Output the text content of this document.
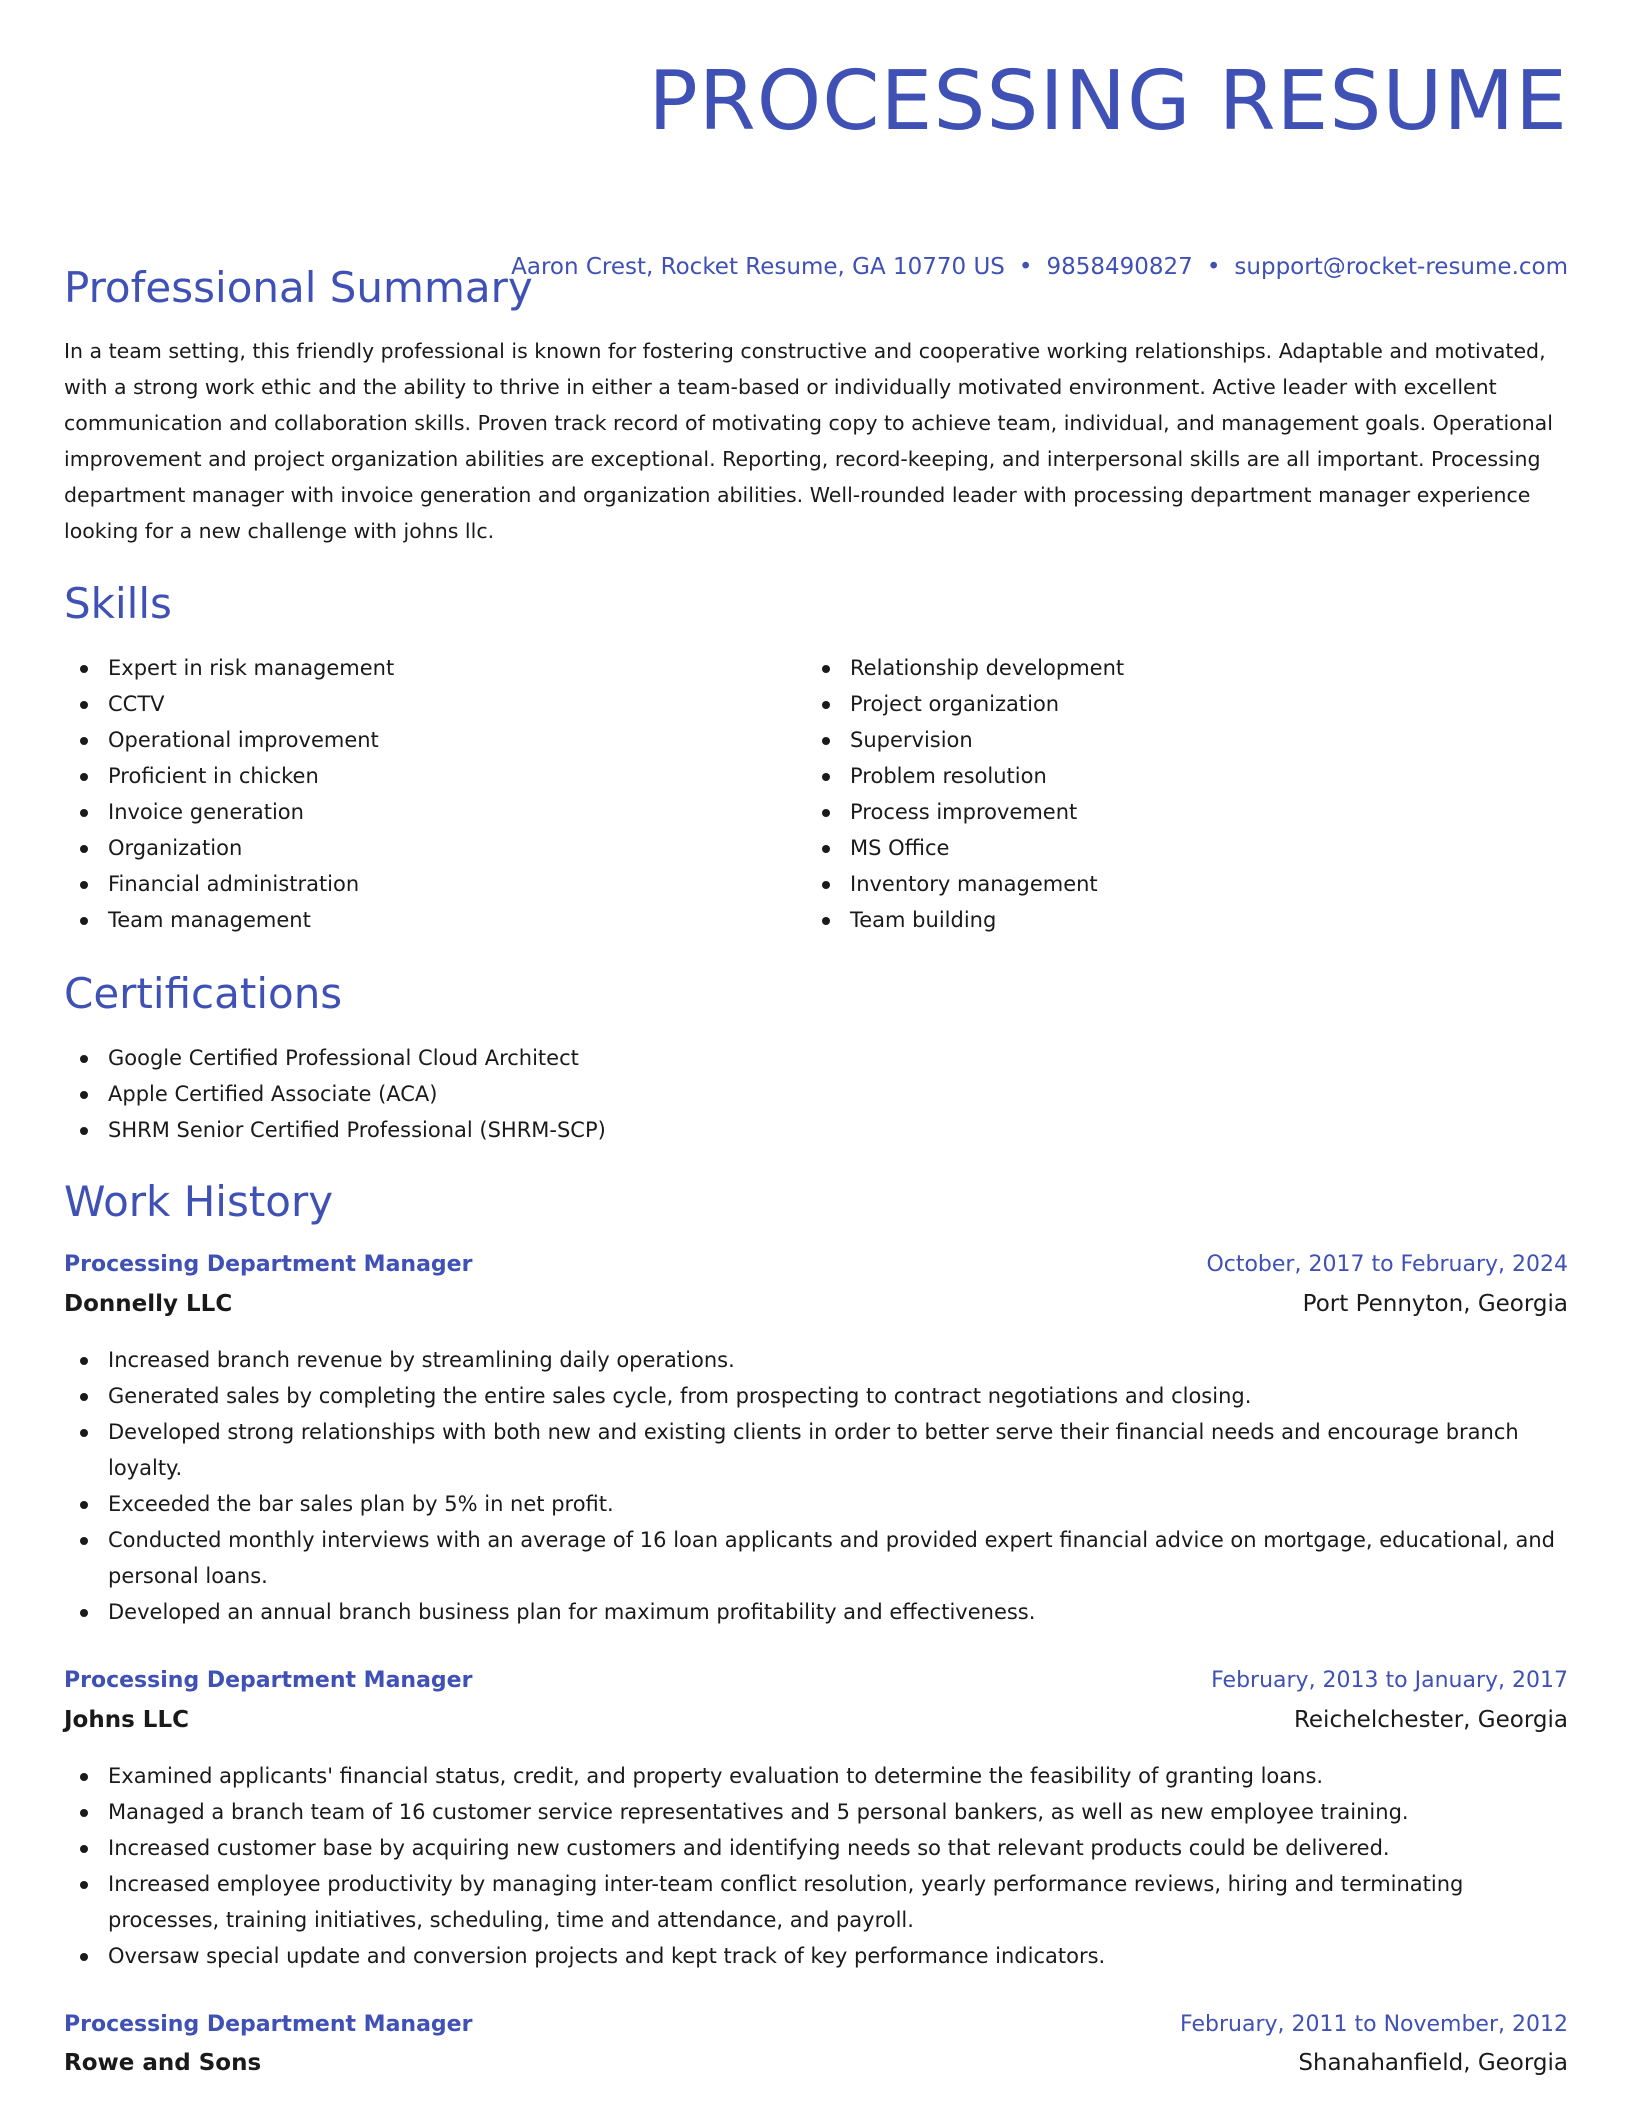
PROCESSING RESUME
Aaron Crest, Rocket Resume, GA 10770 US • 9858490827 • support@rocket-resume.com
Professional Summary

In a team setting, this friendly professional is known for fostering constructive and cooperative working relationships. Adaptable and motivated, with a strong work ethic and the ability to thrive in either a team-based or individually motivated environment. Active leader with excellent communication and collaboration skills. Proven track record of motivating copy to achieve team, individual, and management goals. Operational improvement and project organization abilities are exceptional. Reporting, record-keeping, and interpersonal skills are all important. Processing department manager with invoice generation and organization abilities. Well-rounded leader with processing department manager experience looking for a new challenge with johns llc.

Skills
Expert in risk management
CCTV
Operational improvement
Proficient in chicken
Invoice generation
Organization
Financial administration
Team management
Relationship development
Project organization
Supervision
Problem resolution
Process improvement
MS Office
Inventory management
Team building
Certifications
Google Certified Professional Cloud Architect
Apple Certified Associate (ACA)
SHRM Senior Certified Professional (SHRM-SCP)
Work History
Processing Department Manager	October, 2017 to February, 2024
Donnelly LLC	Port Pennyton, Georgia
Increased branch revenue by streamlining daily operations.
Generated sales by completing the entire sales cycle, from prospecting to contract negotiations and closing.
Developed strong relationships with both new and existing clients in order to better serve their financial needs and encourage branch loyalty.
Exceeded the bar sales plan by 5% in net profit.
Conducted monthly interviews with an average of 16 loan applicants and provided expert financial advice on mortgage, educational, and personal loans.
Developed an annual branch business plan for maximum profitability and effectiveness.
Processing Department Manager	February, 2013 to January, 2017
Johns LLC	Reichelchester, Georgia
Examined applicants' financial status, credit, and property evaluation to determine the feasibility of granting loans.
Managed a branch team of 16 customer service representatives and 5 personal bankers, as well as new employee training.
Increased customer base by acquiring new customers and identifying needs so that relevant products could be delivered.
Increased employee productivity by managing inter-team conflict resolution, yearly performance reviews, hiring and terminating processes, training initiatives, scheduling, time and attendance, and payroll.
Oversaw special update and conversion projects and kept track of key performance indicators.
Processing Department Manager	February, 2011 to November, 2012
Rowe and Sons	Shanahanfield, Georgia
